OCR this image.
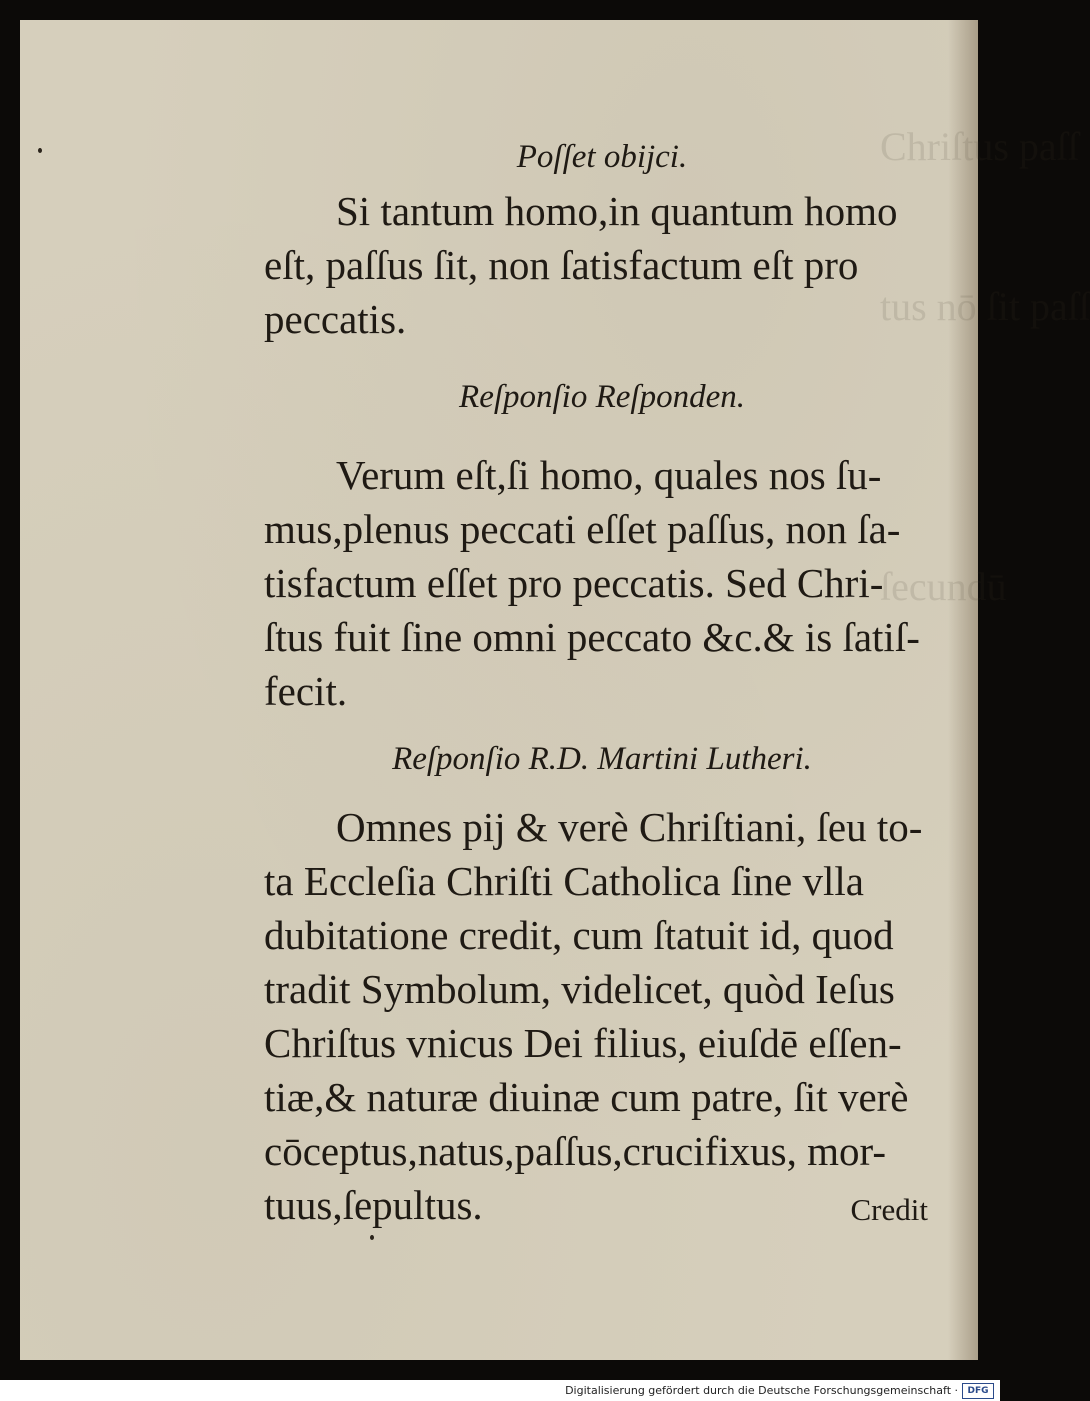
Chriſtus paſſ
tus nō ſit paſſ
ſecundū

Poſſet obijci.

Si tantum homo,in quantum homo
eſt, paſſus ſit, non ſatisfactum eſt pro
peccatis.

Reſponſio Reſponden.

Verum eſt,ſi homo, quales nos ſu-
mus,plenus peccati eſſet paſſus, non ſa-
tisfactum eſſet pro peccatis. Sed Chri-
ſtus fuit ſine omni peccato &c.& is ſatiſ-
fecit.

Reſponſio R.D. Martini Lutheri.

Omnes pij & verè Chriſtiani, ſeu to-
ta Eccleſia Chriſti Catholica ſine vlla
dubitatione credit, cum ſtatuit id, quod
tradit Symbolum, videlicet, quòd Ieſus
Chriſtus vnicus Dei filius, eiuſdē eſſen-
tiæ,& naturæ diuinæ cum patre, ſit verè
cōceptus,natus,paſſus,crucifixus, mor-
tuus,ſepultus.	Credit
Digitalisierung gefördert durch die Deutsche Forschungsgemeinschaft ·	DFG
